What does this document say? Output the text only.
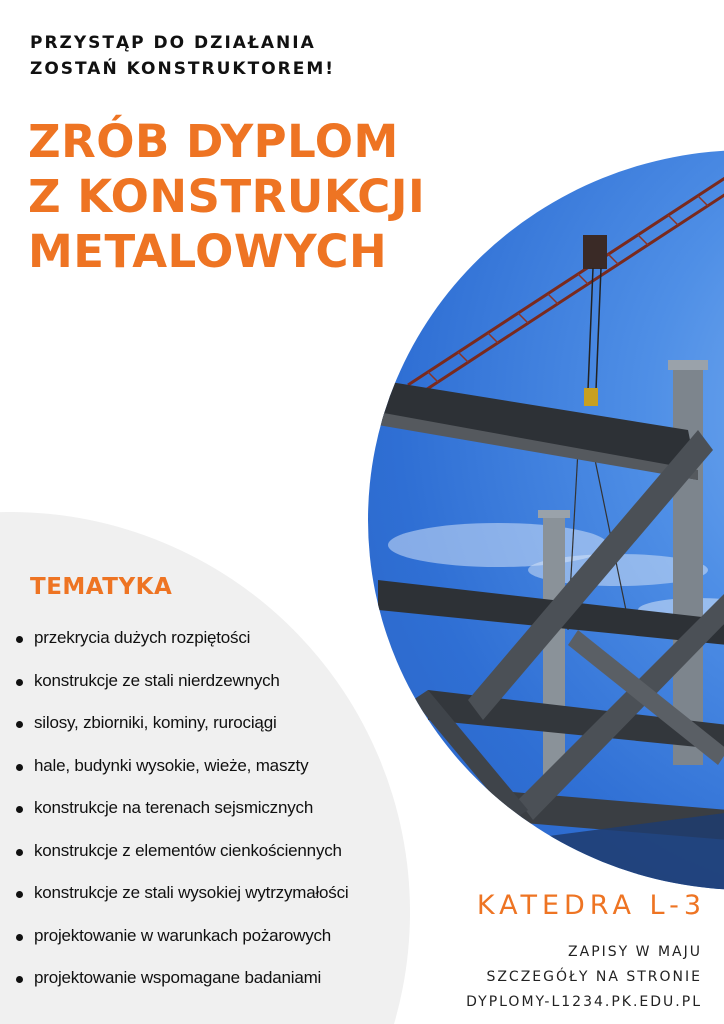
PRZYSTĄP DO DZIAŁANIA
ZOSTAŃ KONSTRUKTOREM!
ZRÓB DYPLOM
Z KONSTRUKCJI
METALOWYCH
TEMATYKA
przekrycia dużych rozpiętości
konstrukcje ze stali nierdzewnych
silosy, zbiorniki, kominy, rurociągi
hale, budynki wysokie, wieże, maszty
konstrukcje na terenach sejsmicznych
konstrukcje z elementów cienkościennych
konstrukcje ze stali wysokiej wytrzymałości
projektowanie w warunkach pożarowych
projektowanie wspomagane badaniami
KATEDRA L-3
ZAPISY W MAJU
SZCZEGÓŁY NA STRONIE
DYPLOMY-L1234.PK.EDU.PL
